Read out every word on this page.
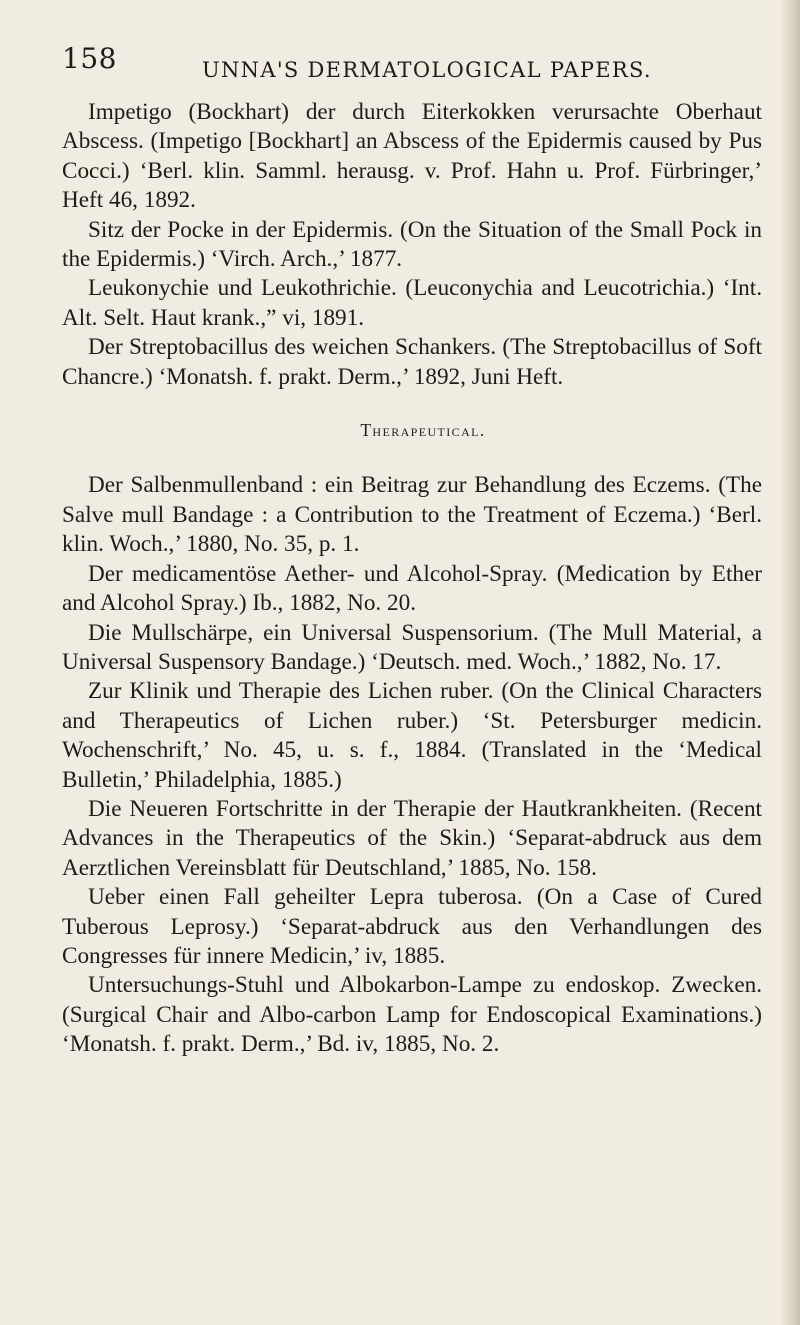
158	UNNA'S DERMATOLOGICAL PAPERS.

Impetigo (Bockhart) der durch Eiterkokken verursachte Oberhaut Abscess. (Impetigo [Bockhart] an Abscess of the Epidermis caused by Pus Cocci.) ‘Berl. klin. Samml. herausg. v. Prof. Hahn u. Prof. Fürbringer,’ Heft 46, 1892.

Sitz der Pocke in der Epidermis. (On the Situation of the Small Pock in the Epidermis.) ‘Virch. Arch.,’ 1877.

Leukonychie und Leukothrichie. (Leuconychia and Leucotrichia.) ‘Int. Alt. Selt. Haut krank.,” vi, 1891.

Der Streptobacillus des weichen Schankers. (The Streptobacillus of Soft Chancre.) ‘Monatsh. f. prakt. Derm.,’ 1892, Juni Heft.

Therapeutical.

Der Salbenmullenband : ein Beitrag zur Behandlung des Eczems. (The Salve mull Bandage : a Contribution to the Treatment of Eczema.) ‘Berl. klin. Woch.,’ 1880, No. 35, p. 1.

Der medicamentöse Aether- und Alcohol-Spray. (Medication by Ether and Alcohol Spray.) Ib., 1882, No. 20.

Die Mullschärpe, ein Universal Suspensorium. (The Mull Material, a Universal Suspensory Bandage.) ‘Deutsch. med. Woch.,’ 1882, No. 17.

Zur Klinik und Therapie des Lichen ruber. (On the Clinical Characters and Therapeutics of Lichen ruber.) ‘St. Petersburger medicin. Wochenschrift,’ No. 45, u. s. f., 1884. (Translated in the ‘Medical Bulletin,’ Philadelphia, 1885.)

Die Neueren Fortschritte in der Therapie der Hautkrankheiten. (Recent Advances in the Therapeutics of the Skin.) ‘Separat-abdruck aus dem Aerztlichen Vereinsblatt für Deutschland,’ 1885, No. 158.

Ueber einen Fall geheilter Lepra tuberosa. (On a Case of Cured Tuberous Leprosy.) ‘Separat-abdruck aus den Verhandlungen des Congresses für innere Medicin,’ iv, 1885.

Untersuchungs-Stuhl und Albokarbon-Lampe zu endoskop. Zwecken. (Surgical Chair and Albo-carbon Lamp for Endoscopical Examinations.) ‘Monatsh. f. prakt. Derm.,’ Bd. iv, 1885, No. 2.
